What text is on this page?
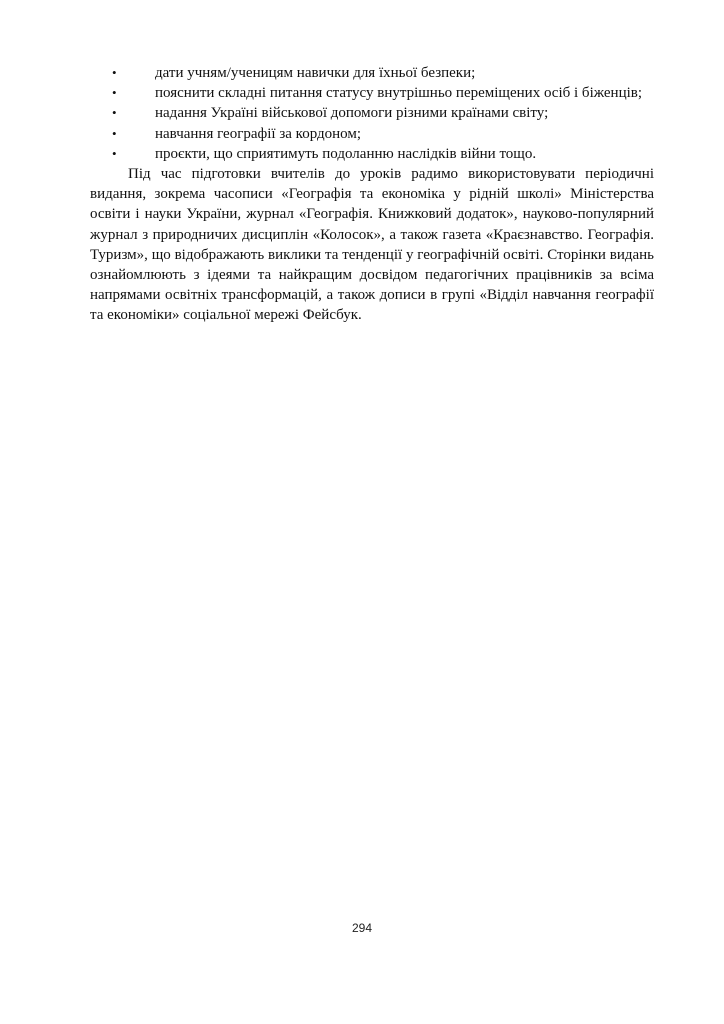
•	дати учням/ученицям навички для їхньої безпеки;
•	пояснити складні питання статусу внутрішньо переміщених осіб і біженців;
•	надання Україні військової допомоги різними країнами світу;
•	навчання географії за кордоном;
•	проєкти, що сприятимуть подоланню наслідків війни тощо.

Під час підготовки вчителів до уроків радимо використовувати періодичні видання, зокрема часописи «Географія та економіка у рідній школі» Міністерства освіти і науки України, журнал «Географія. Книжковий додаток», науково-популярний журнал з природничих дисциплін «Колосок», а також газета «Краєзнавство. Географія. Туризм», що відображають виклики та тенденції у географічній освіті. Сторінки видань ознайомлюють з ідеями та найкращим досвідом педагогічних працівників за всіма напрямами освітніх трансформацій, а також дописи в групі «Відділ навчання географії та економіки» соціальної мережі Фейсбук.

294
